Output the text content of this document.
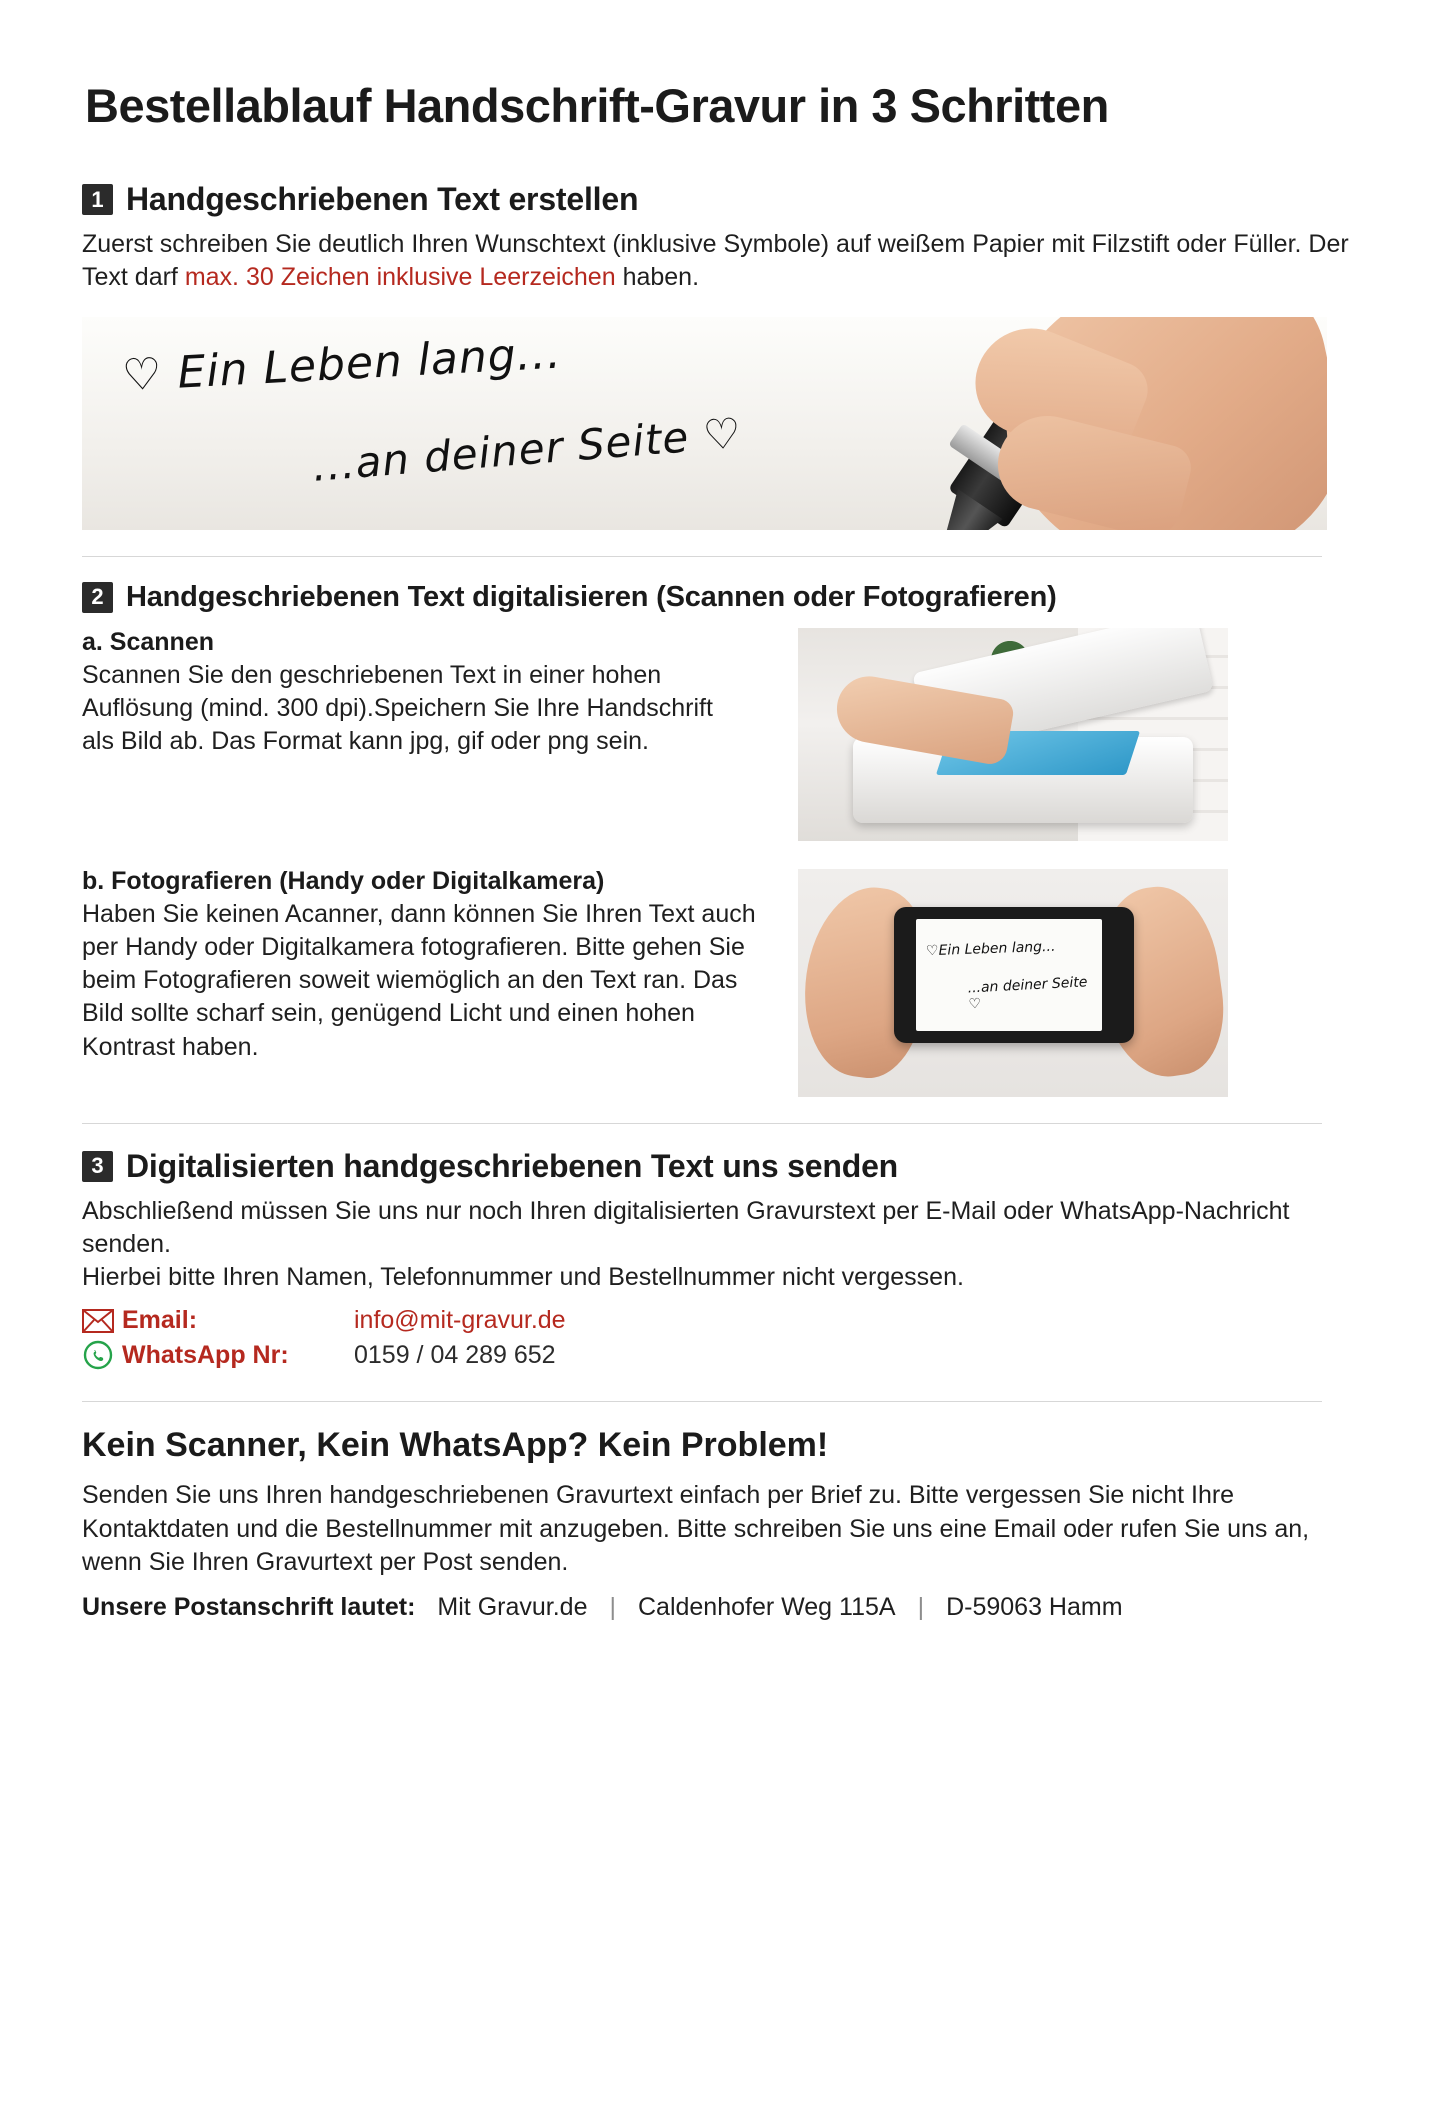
Bestellablauf Handschrift-Gravur in 3 Schritten
1 Handgeschriebenen Text erstellen

Zuerst schreiben Sie deutlich Ihren Wunschtext (inklusive Symbole) auf weißem Papier mit Filzstift oder Füller. Der Text darf max. 30 Zeichen inklusive Leerzeichen haben.

♡ Ein Leben lang...
...an deiner Seite ♡
2 Handgeschriebenen Text digitalisieren (Scannen oder Fotografieren)
a. Scannen

Scannen Sie den geschriebenen Text in einer hohen Auflösung (mind. 300 dpi).Speichern Sie Ihre Handschrift als Bild ab. Das Format kann jpg, gif oder png sein.

b. Fotografieren (Handy oder Digitalkamera)

Haben Sie keinen Acanner, dann können Sie Ihren Text auch per Handy oder Digitalkamera fotografieren. Bitte gehen Sie beim Fotografieren soweit wiemöglich an den Text ran. Das Bild sollte scharf sein, genügend Licht und einen hohen Kontrast haben.

♡Ein Leben lang...
...an deiner Seite ♡
3 Digitalisierten handgeschriebenen Text uns senden

Abschließend müssen Sie uns nur noch Ihren digitalisierten Gravurstext per E-Mail oder WhatsApp-Nachricht senden.

Hierbei bitte Ihren Namen, Telefonnummer und Bestellnummer nicht vergessen.

Email:	info@mit-gravur.de
WhatsApp Nr:	0159 / 04 289 652
Kein Scanner, Kein WhatsApp? Kein Problem!

Senden Sie uns Ihren handgeschriebenen Gravurtext einfach per Brief zu. Bitte vergessen Sie nicht Ihre Kontaktdaten und die Bestellnummer mit anzugeben. Bitte schreiben Sie uns eine Email oder rufen Sie uns an, wenn Sie Ihren Gravurtext per Post senden.

Unsere Postanschrift lautet: Mit Gravur.de | Caldenhofer Weg 115A | D-59063 Hamm
